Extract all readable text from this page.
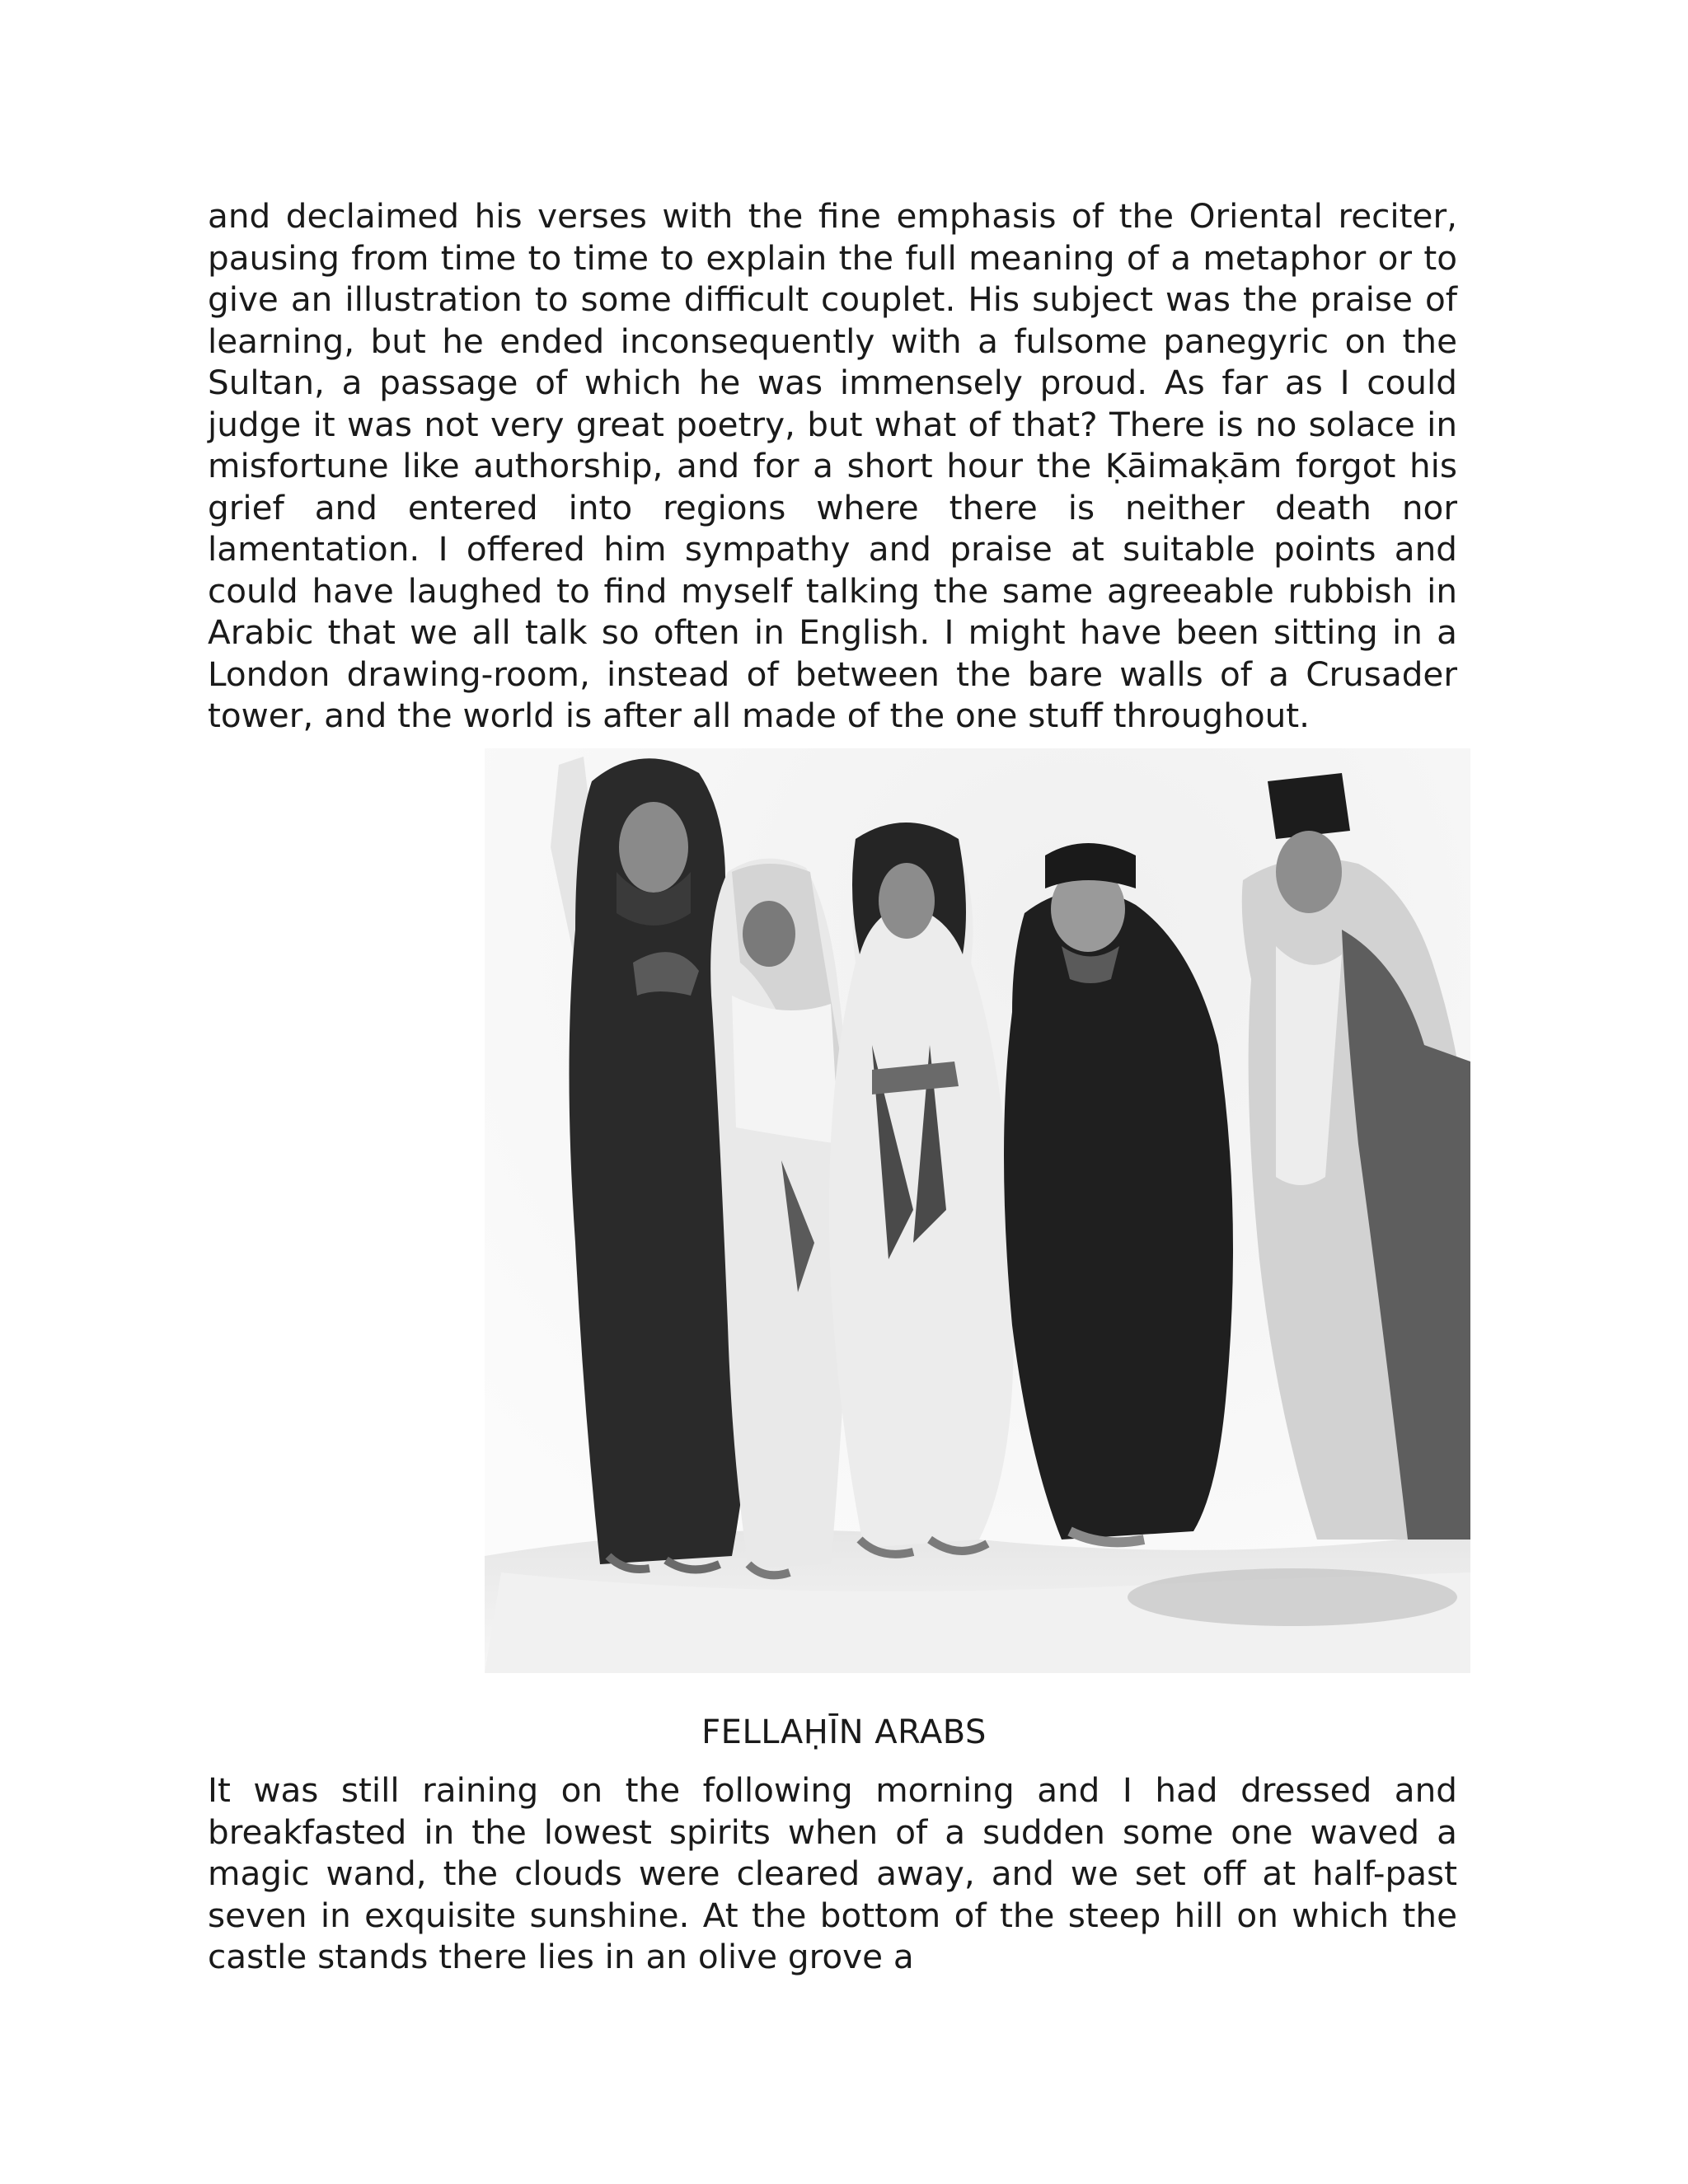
and declaimed his verses with the fine emphasis of the Oriental reciter, pausing from time to time to explain the full meaning of a metaphor or to give an illustration to some difficult couplet. His subject was the praise of learning, but he ended inconsequently with a fulsome panegyric on the Sultan, a passage of which he was immensely proud. As far as I could judge it was not very great poetry, but what of that? There is no solace in misfortune like authorship, and for a short hour the Ḳāimaḳām forgot his grief and entered into regions where there is neither death nor lamentation. I offered him sympathy and praise at suitable points and could have laughed to find myself talking the same agreeable rubbish in Arabic that we all talk so often in English. I might have been sitting in a London drawing-room, instead of between the bare walls of a Crusader tower, and the world is after all made of the one stuff throughout.

FELLAḤĪN ARABS

It was still raining on the following morning and I had dressed and breakfasted in the lowest spirits when of a sudden some one waved a magic wand, the clouds were cleared away, and we set off at half-past seven in exquisite sunshine. At the bottom of the steep hill on which the castle stands there lies in an olive grove a
